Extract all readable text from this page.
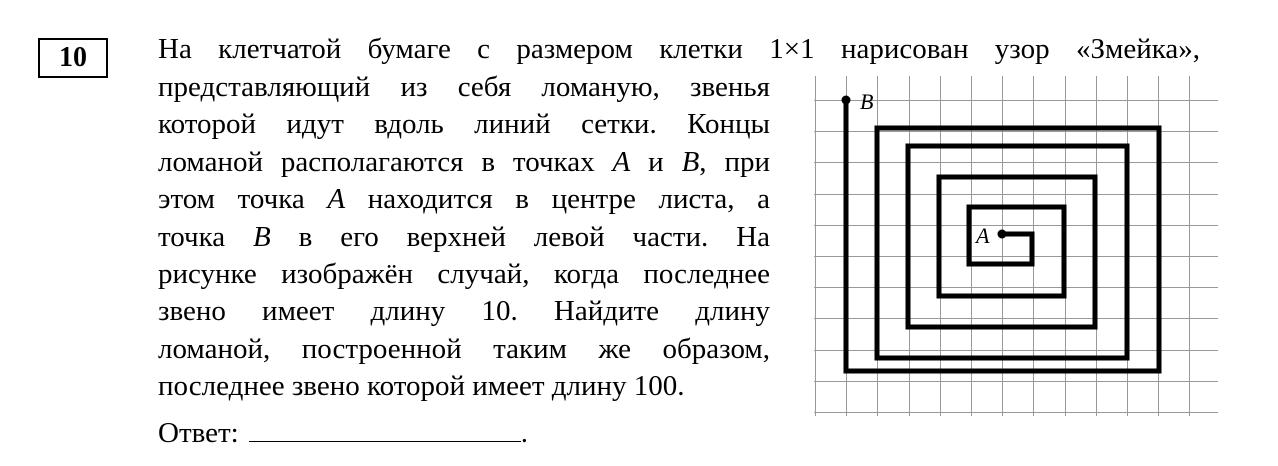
10 На клетчатой бумаге с размером клетки 1×1 нарисован узор «Змейка»,
представляющий из себя ломаную, звенья
которой идут вдоль линий сетки. Концы
ломаной располагаются в точках A и B, при
этом точка A находится в центре листа, а
точка B в его верхней левой части. На
рисунке изображён случай, когда последнее
звено имеет длину 10. Найдите длину
ломаной, построенной таким же образом,
последнее звено которой имеет длину 100.
Ответ:	.
A
B
